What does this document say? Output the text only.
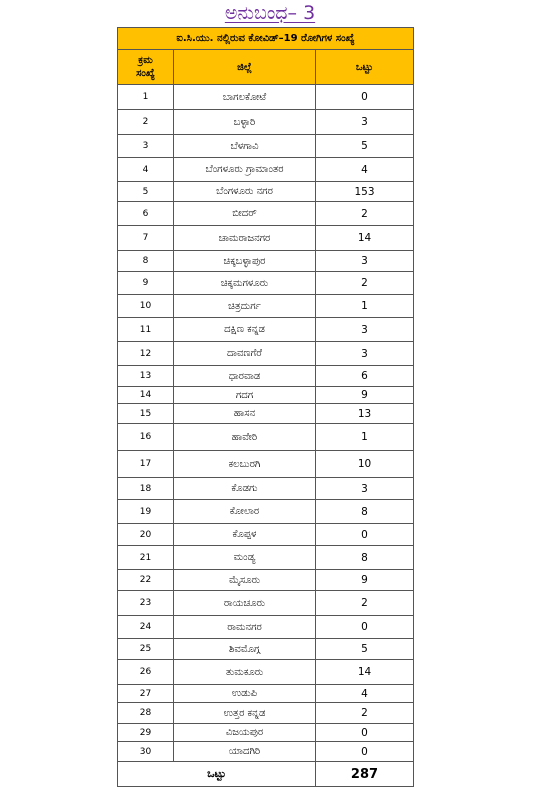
ಅನುಬಂಧ– 3
ಐ.ಸಿ.ಯು. ನಲ್ಲಿರುವ ಕೋವಿಡ್–19 ರೋಗಿಗಳ ಸಂಖ್ಯೆ		

ಕ್ರಮ
ಸಂಖ್ಯೆ	ಜಿಲ್ಲೆ	ಒಟ್ಟು
1	ಬಾಗಲಕೋಟೆ	0
2	ಬಳ್ಳಾರಿ	3
3	ಬೆಳಗಾವಿ	5
4	ಬೆಂಗಳೂರು ಗ್ರಾಮಾಂತರ	4
5	ಬೆಂಗಳೂರು ನಗರ	153
6	ಬೀದರ್	2
7	ಚಾಮರಾಜನಗರ	14
8	ಚಿಕ್ಕಬಳ್ಳಾಪುರ	3
9	ಚಿಕ್ಕಮಗಳೂರು	2
10	ಚಿತ್ರದುರ್ಗ	1
11	ದಕ್ಷಿಣ ಕನ್ನಡ	3
12	ದಾವಣಗೆರೆ	3
13	ಧಾರವಾಡ	6
14	ಗದಗ	9
15	ಹಾಸನ	13
16	ಹಾವೇರಿ	1
17	ಕಲಬುರಗಿ	10
18	ಕೊಡಗು	3
19	ಕೋಲಾರ	8
20	ಕೊಪ್ಪಳ	0
21	ಮಂಡ್ಯ	8
22	ಮೈಸೂರು	9
23	ರಾಯಚೂರು	2
24	ರಾಮನಗರ	0
25	ಶಿವಮೊಗ್ಗ	5
26	ತುಮಕೂರು	14
27	ಉಡುಪಿ	4
28	ಉತ್ತರ ಕನ್ನಡ	2
29	ವಿಜಯಪುರ	0
30	ಯಾದಗಿರಿ	0
ಒಟ್ಟು		287
